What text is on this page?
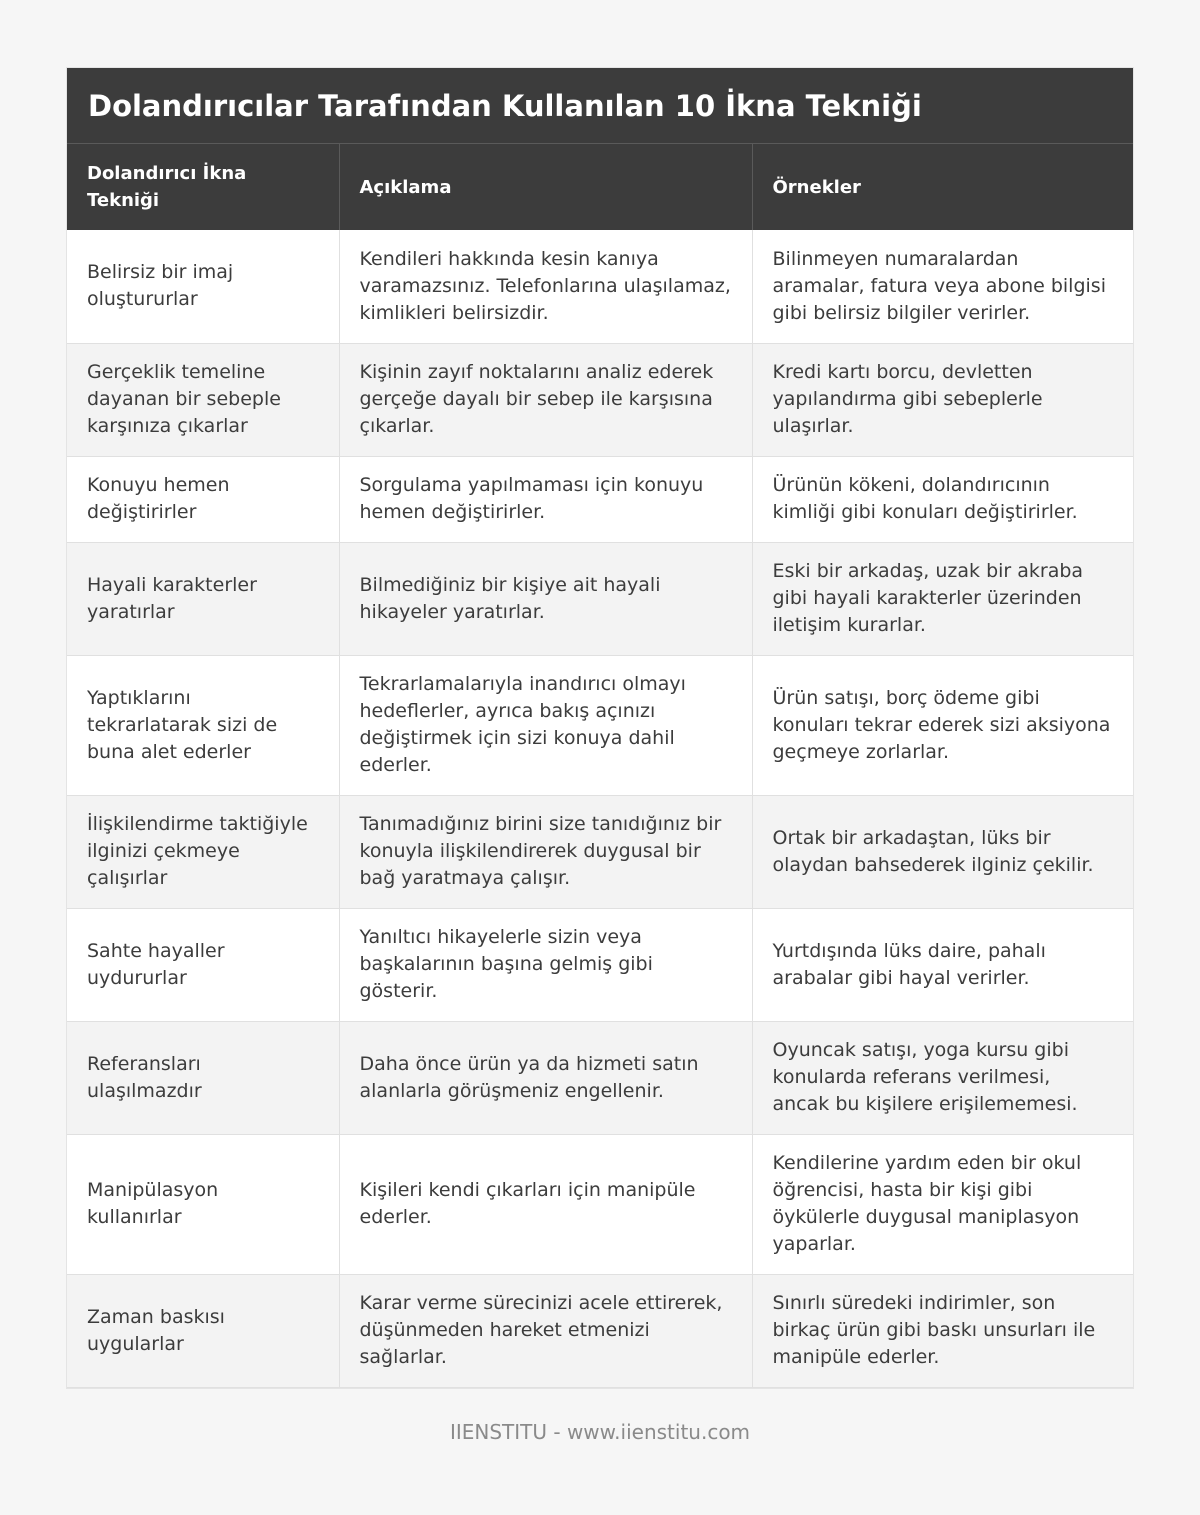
Dolandırıcılar Tarafından Kullanılan 10 İkna Tekniği
Dolandırıcı İkna Tekniği	Açıklama	Örnekler
Belirsiz bir imaj oluştururlar	Kendileri hakkında kesin kanıya varamazsınız. Telefonlarına ulaşılamaz, kimlikleri belirsizdir.	Bilinmeyen numaralardan aramalar, fatura veya abone bilgisi gibi belirsiz bilgiler verirler.
Gerçeklik temeline dayanan bir sebeple karşınıza çıkarlar	Kişinin zayıf noktalarını analiz ederek gerçeğe dayalı bir sebep ile karşısına çıkarlar.	Kredi kartı borcu, devletten yapılandırma gibi sebeplerle ulaşırlar.
Konuyu hemen değiştirirler	Sorgulama yapılmaması için konuyu hemen değiştirirler.	Ürünün kökeni, dolandırıcının kimliği gibi konuları değiştirirler.
Hayali karakterler yaratırlar	Bilmediğiniz bir kişiye ait hayali hikayeler yaratırlar.	Eski bir arkadaş, uzak bir akraba gibi hayali karakterler üzerinden iletişim kurarlar.
Yaptıklarını tekrarlatarak sizi de buna alet ederler	Tekrarlamalarıyla inandırıcı olmayı hedeflerler, ayrıca bakış açınızı değiştirmek için sizi konuya dahil ederler.	Ürün satışı, borç ödeme gibi konuları tekrar ederek sizi aksiyona geçmeye zorlarlar.
İlişkilendirme taktiğiyle ilginizi çekmeye çalışırlar	Tanımadığınız birini size tanıdığınız bir konuyla ilişkilendirerek duygusal bir bağ yaratmaya çalışır.	Ortak bir arkadaştan, lüks bir olaydan bahsederek ilginiz çekilir.
Sahte hayaller uydururlar	Yanıltıcı hikayelerle sizin veya başkalarının başına gelmiş gibi gösterir.	Yurtdışında lüks daire, pahalı arabalar gibi hayal verirler.
Referansları ulaşılmazdır	Daha önce ürün ya da hizmeti satın alanlarla görüşmeniz engellenir.	Oyuncak satışı, yoga kursu gibi konularda referans verilmesi, ancak bu kişilere erişilememesi.
Manipülasyon kullanırlar	Kişileri kendi çıkarları için manipüle ederler.	Kendilerine yardım eden bir okul öğrencisi, hasta bir kişi gibi öykülerle duygusal maniplasyon yaparlar.
Zaman baskısı uygularlar	Karar verme sürecinizi acele ettirerek, düşünmeden hareket etmenizi sağlarlar.	Sınırlı süredeki indirimler, son birkaç ürün gibi baskı unsurları ile manipüle ederler.
IIENSTITU - www.iienstitu.com
